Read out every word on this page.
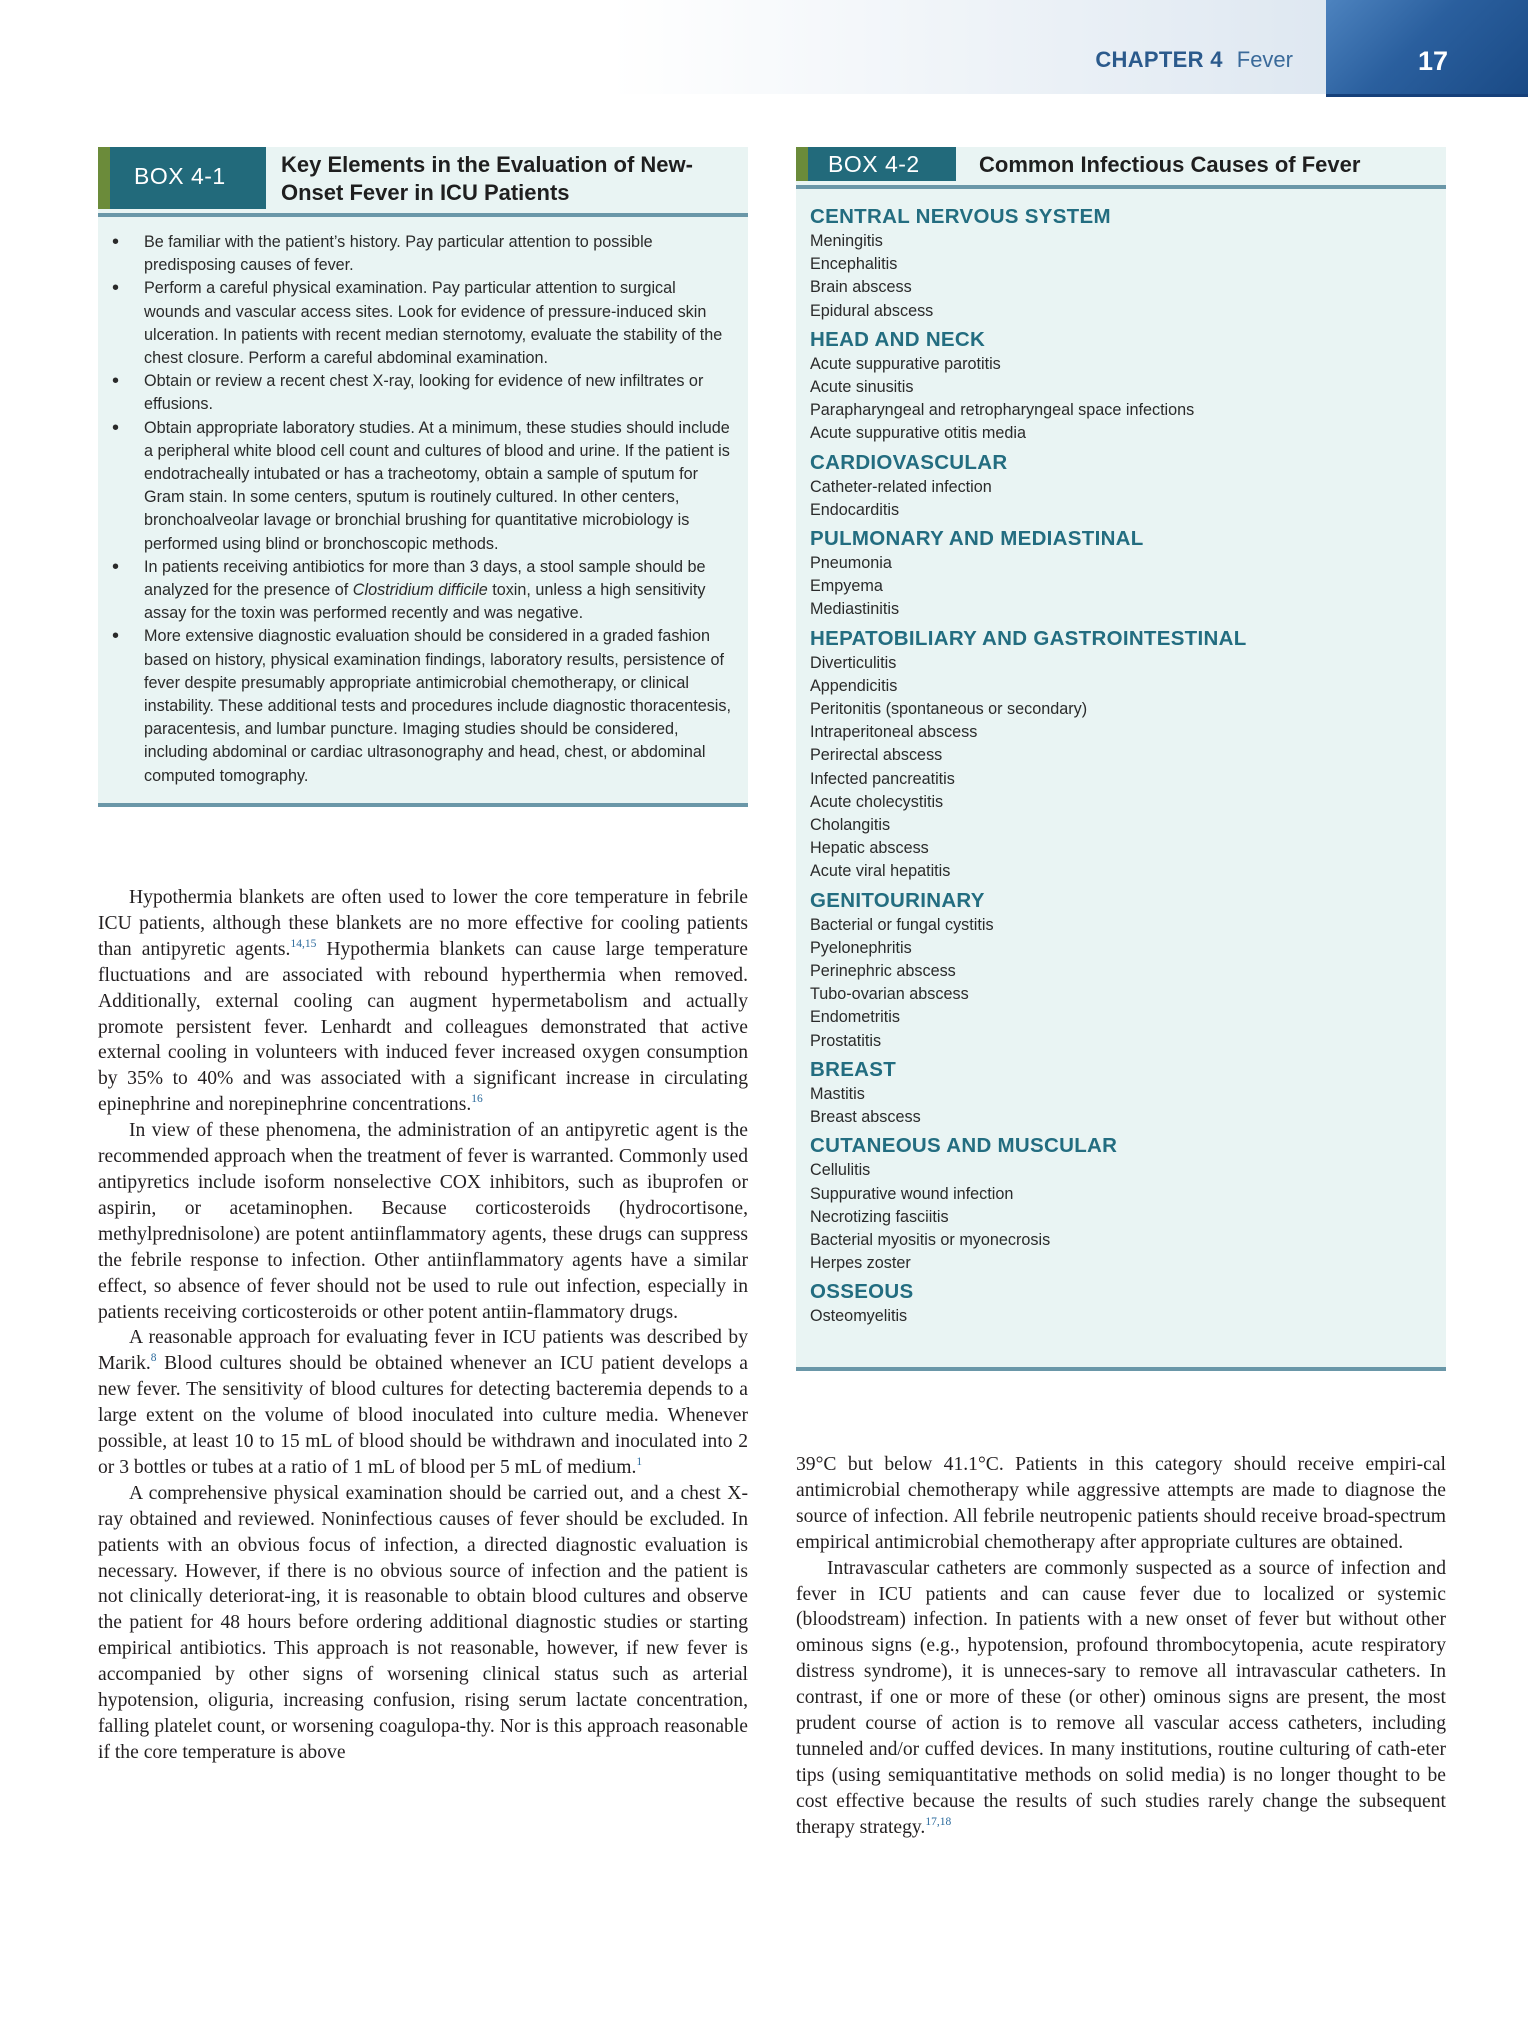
CHAPTER 4 Fever	17
BOX 4-1	Key Elements in the Evaluation of New-Onset Fever in ICU Patients
• Be familiar with the patient’s history. Pay particular attention to possible predisposing causes of fever.
• Perform a careful physical examination. Pay particular attention to surgical wounds and vascular access sites. Look for evidence of pressure-induced skin ulceration. In patients with recent median sternotomy, evaluate the stability of the chest closure. Perform a careful abdominal examination.
• Obtain or review a recent chest X-ray, looking for evidence of new infiltrates or effusions.
• Obtain appropriate laboratory studies. At a minimum, these studies should include a peripheral white blood cell count and cultures of blood and urine. If the patient is endotracheally intubated or has a tracheotomy, obtain a sample of sputum for Gram stain. In some centers, sputum is routinely cultured. In other centers, bronchoalveolar lavage or bronchial brushing for quantitative microbiology is performed using blind or bronchoscopic methods.
• In patients receiving antibiotics for more than 3 days, a stool sample should be analyzed for the presence of Clostridium difficile toxin, unless a high sensitivity assay for the toxin was performed recently and was negative.
• More extensive diagnostic evaluation should be considered in a graded fashion based on history, physical examination findings, laboratory results, persistence of fever despite presumably appropriate antimicrobial chemotherapy, or clinical instability. These additional tests and procedures include diagnostic thoracentesis, paracentesis, and lumbar puncture. Imaging studies should be considered, including abdominal or cardiac ultrasonography and head, chest, or abdominal computed tomography.
BOX 4-2	Common Infectious Causes of Fever
CENTRAL NERVOUS SYSTEM
Meningitis
Encephalitis
Brain abscess
Epidural abscess
HEAD AND NECK
Acute suppurative parotitis
Acute sinusitis
Parapharyngeal and retropharyngeal space infections
Acute suppurative otitis media
CARDIOVASCULAR
Catheter-related infection
Endocarditis
PULMONARY AND MEDIASTINAL
Pneumonia
Empyema
Mediastinitis
HEPATOBILIARY AND GASTROINTESTINAL
Diverticulitis
Appendicitis
Peritonitis (spontaneous or secondary)
Intraperitoneal abscess
Perirectal abscess
Infected pancreatitis
Acute cholecystitis
Cholangitis
Hepatic abscess
Acute viral hepatitis
GENITOURINARY
Bacterial or fungal cystitis
Pyelonephritis
Perinephric abscess
Tubo-ovarian abscess
Endometritis
Prostatitis
BREAST
Mastitis
Breast abscess
CUTANEOUS AND MUSCULAR
Cellulitis
Suppurative wound infection
Necrotizing fasciitis
Bacterial myositis or myonecrosis
Herpes zoster
OSSEOUS
Osteomyelitis

Hypothermia blankets are often used to lower the core temperature in febrile ICU patients, although these blankets are no more effective for cooling patients than antipyretic agents.$^{14,15}$ Hypothermia blankets can cause large temperature fluctuations and are associated with rebound hyperthermia when removed. Additionally, external cooling can augment hypermetabolism and actually promote persistent fever. Lenhardt and colleagues demonstrated that active external cooling in volunteers with induced fever increased oxygen consumption by 35% to 40% and was associated with a significant increase in circulating epinephrine and norepinephrine concentrations.$^{16}$

In view of these phenomena, the administration of an antipyretic agent is the recommended approach when the treatment of fever is warranted. Commonly used antipyretics include isoform nonselective COX inhibitors, such as ibuprofen or aspirin, or acetaminophen. Because corticosteroids (hydrocortisone, methylprednisolone) are potent antiinflammatory agents, these drugs can suppress the febrile response to infection. Other antiinflammatory agents have a similar effect, so absence of fever should not be used to rule out infection, especially in patients receiving corticosteroids or other potent antiin-flammatory drugs.

A reasonable approach for evaluating fever in ICU patients was described by Marik.$^8$ Blood cultures should be obtained whenever an ICU patient develops a new fever. The sensitivity of blood cultures for detecting bacteremia depends to a large extent on the volume of blood inoculated into culture media. Whenever possible, at least 10 to 15 mL of blood should be withdrawn and inoculated into 2 or 3 bottles or tubes at a ratio of 1 mL of blood per 5 mL of medium.$^1$

A comprehensive physical examination should be carried out, and a chest X-ray obtained and reviewed. Noninfectious causes of fever should be excluded. In patients with an obvious focus of infection, a directed diagnostic evaluation is necessary. However, if there is no obvious source of infection and the patient is not clinically deteriorat-ing, it is reasonable to obtain blood cultures and observe the patient for 48 hours before ordering additional diagnostic studies or starting empirical antibiotics. This approach is not reasonable, however, if new fever is accompanied by other signs of worsening clinical status such as arterial hypotension, oliguria, increasing confusion, rising serum lactate concentration, falling platelet count, or worsening coagulopa-thy. Nor is this approach reasonable if the core temperature is above

39°C but below 41.1°C. Patients in this category should receive empiri-cal antimicrobial chemotherapy while aggressive attempts are made to diagnose the source of infection. All febrile neutropenic patients should receive broad-spectrum empirical antimicrobial chemotherapy after appropriate cultures are obtained.

Intravascular catheters are commonly suspected as a source of infection and fever in ICU patients and can cause fever due to localized or systemic (bloodstream) infection. In patients with a new onset of fever but without other ominous signs (e.g., hypotension, profound thrombocytopenia, acute respiratory distress syndrome), it is unneces-sary to remove all intravascular catheters. In contrast, if one or more of these (or other) ominous signs are present, the most prudent course of action is to remove all vascular access catheters, including tunneled and/or cuffed devices. In many institutions, routine culturing of cath-eter tips (using semiquantitative methods on solid media) is no longer thought to be cost effective because the results of such studies rarely change the subsequent therapy strategy.$^{17,18}$
